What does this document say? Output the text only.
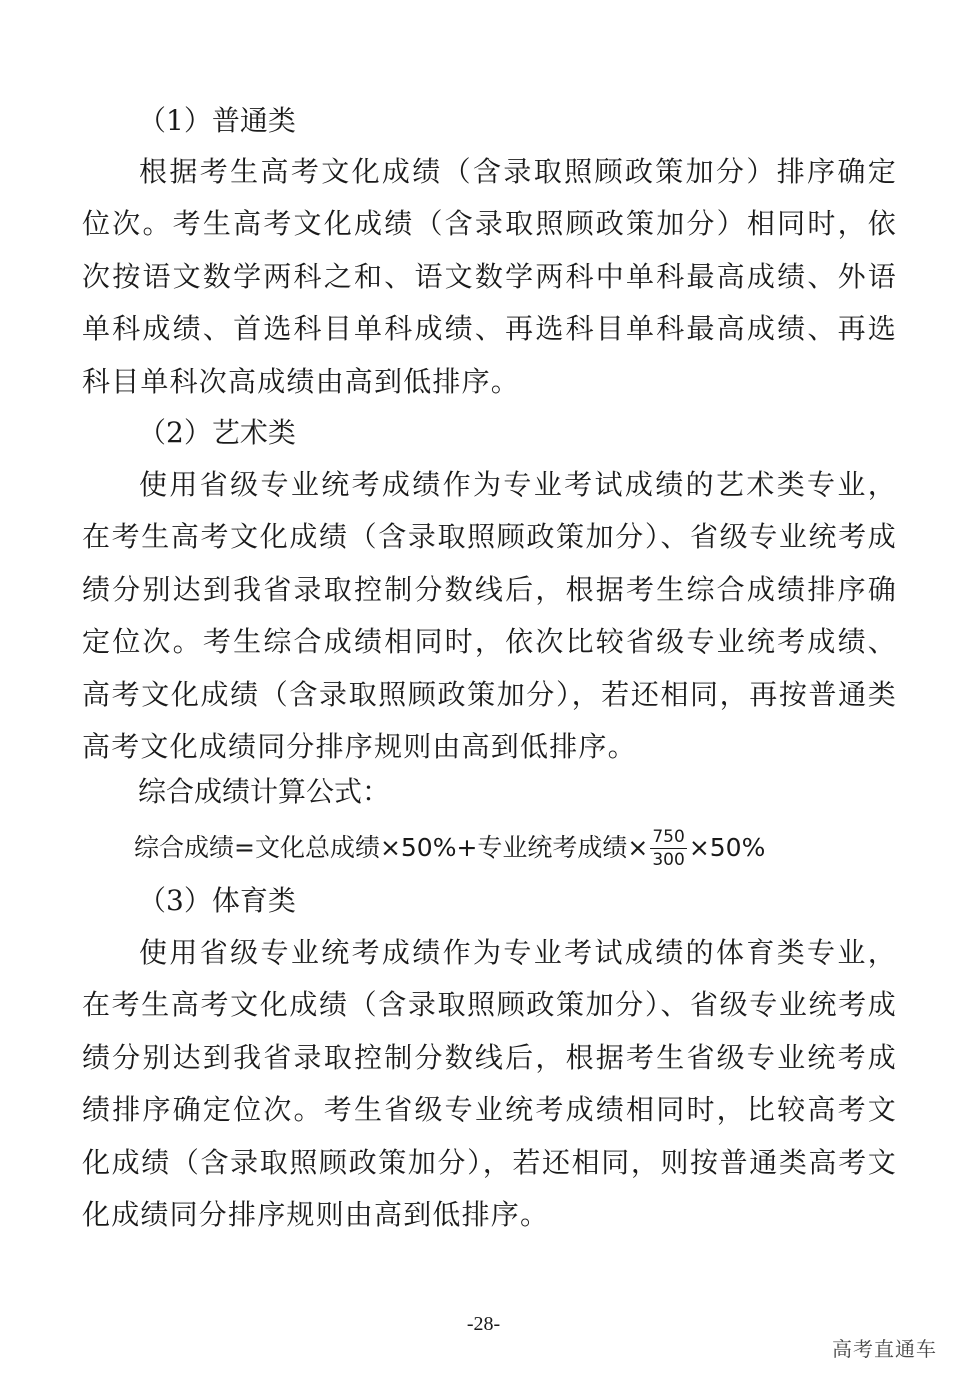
（1）普通类

根据考生高考文化成绩（含录取照顾政策加分）排序确定位次。考生高考文化成绩（含录取照顾政策加分）相同时，依次按语文数学两科之和、语文数学两科中单科最高成绩、外语单科成绩、首选科目单科成绩、再选科目单科最高成绩、再选科目单科次高成绩由高到低排序。

（2）艺术类

使用省级专业统考成绩作为专业考试成绩的艺术类专业，在考生高考文化成绩（含录取照顾政策加分）、省级专业统考成绩分别达到我省录取控制分数线后，根据考生综合成绩排序确定位次。考生综合成绩相同时，依次比较省级专业统考成绩、高考文化成绩（含录取照顾政策加分），若还相同，再按普通类高考文化成绩同分排序规则由高到低排序。

综合成绩计算公式：
综合成绩=文化总成绩×50%+专业统考成绩× $\frac{750}{300} \times 50\%$
（3）体育类

使用省级专业统考成绩作为专业考试成绩的体育类专业，在考生高考文化成绩（含录取照顾政策加分）、省级专业统考成绩分别达到我省录取控制分数线后，根据考生省级专业统考成绩排序确定位次。考生省级专业统考成绩相同时，比较高考文化成绩（含录取照顾政策加分），若还相同，则按普通类高考文化成绩同分排序规则由高到低排序。

-28-
高考直通车
